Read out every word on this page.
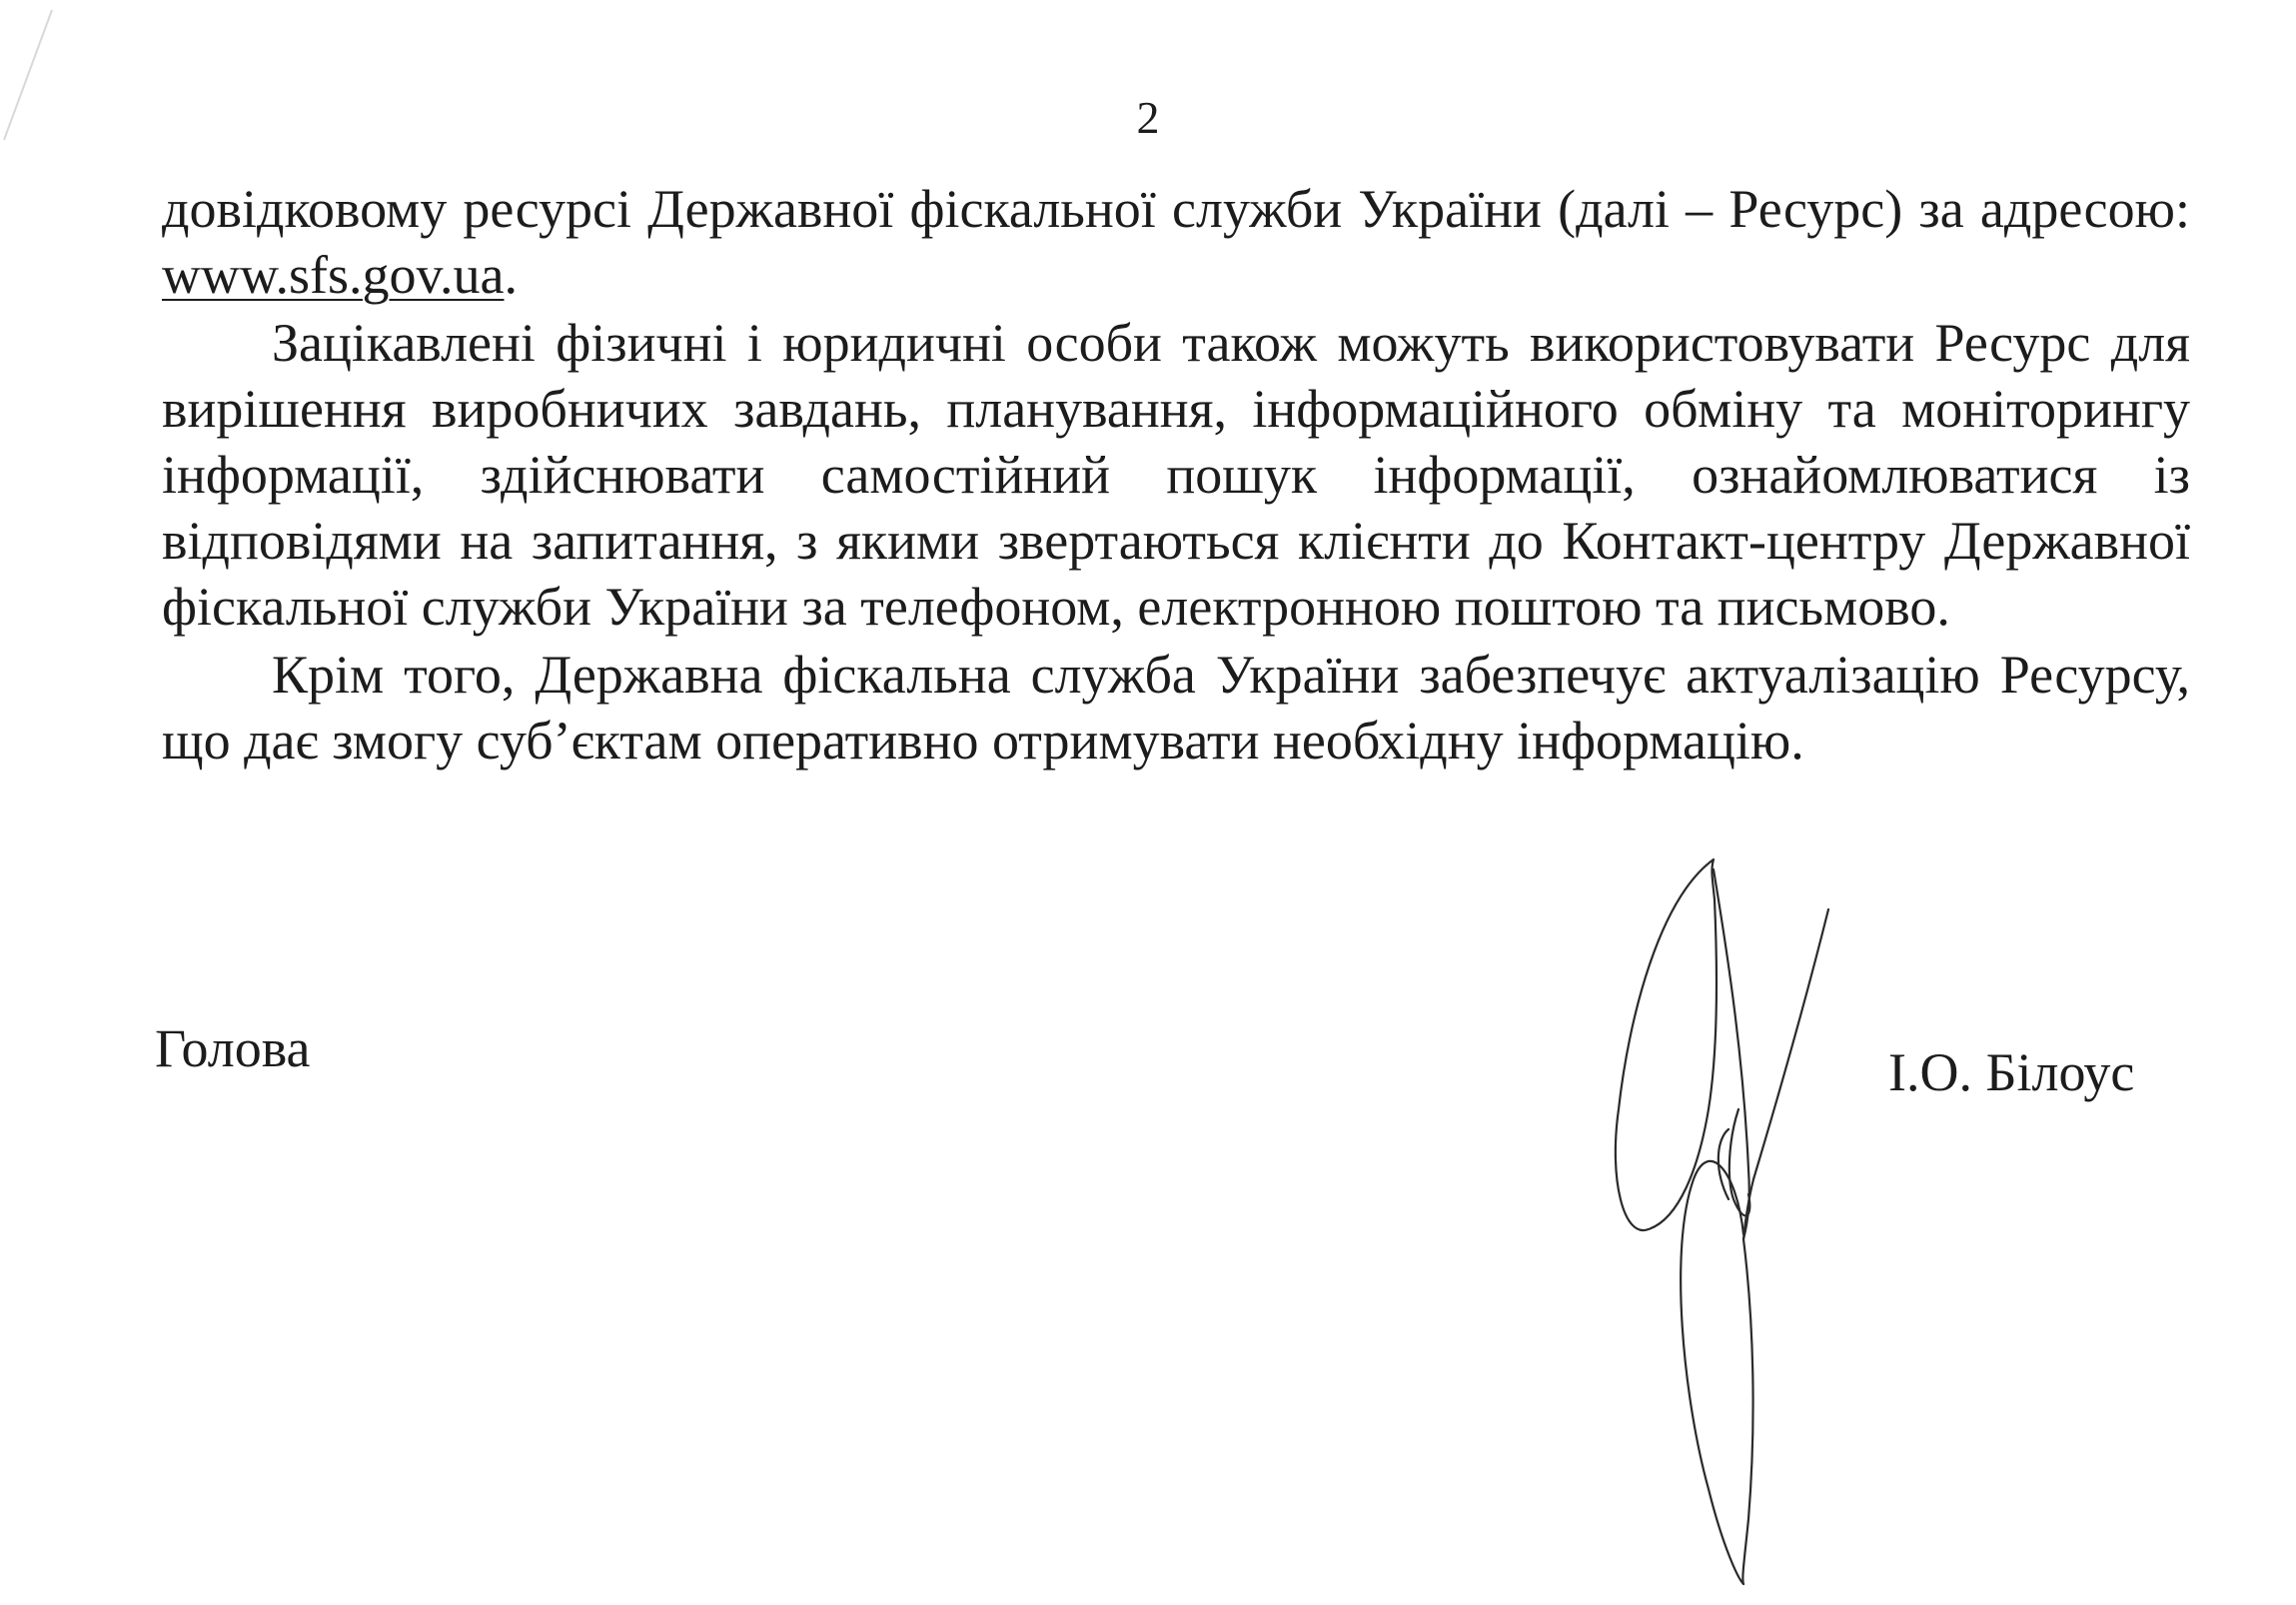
2

довідковому ресурсі Державної фіскальної служби України (далі – Ресурс) за адресою: www.sfs.gov.ua.

Зацікавлені фізичні і юридичні особи також можуть використовувати Ресурс для вирішення виробничих завдань, планування, інформаційного обміну та моніторингу інформації, здійснювати самостійний пошук інформації, ознайомлюватися із відповідями на запитання, з якими звертаються клієнти до Контакт-центру Державної фіскальної служби України за телефоном, електронною поштою та письмово.

Крім того, Державна фіскальна служба України забезпечує актуалізацію Ресурсу, що дає змогу суб’єктам оперативно отримувати необхідну інформацію.

Голова	І.О. Білоус
